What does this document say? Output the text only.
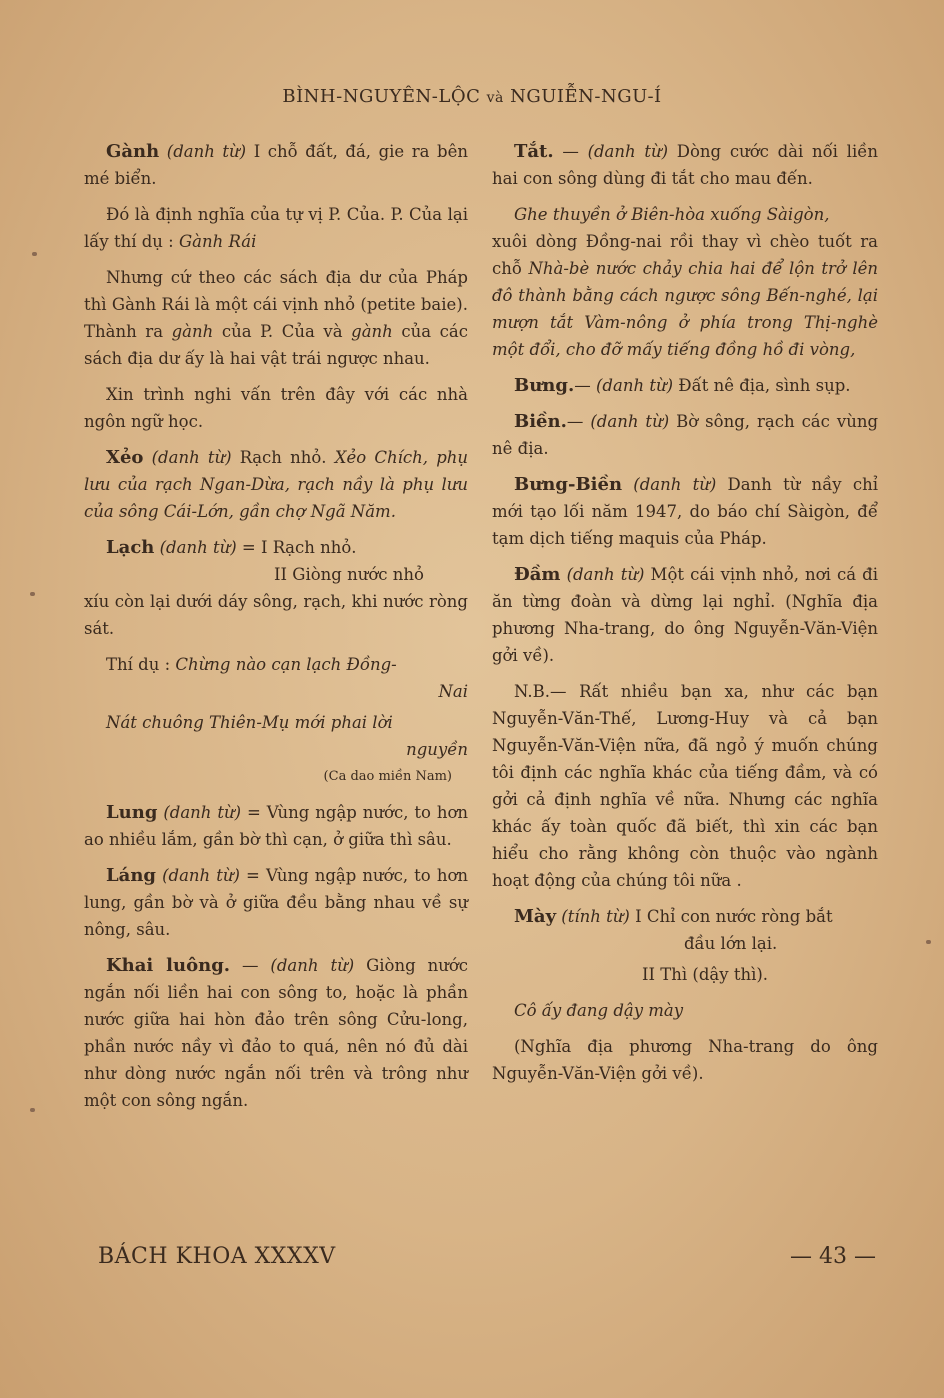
BÌNH-NGUYÊN-LỘC và NGUIỄN-NGU-Í

Gành (danh từ) I chỗ đất, đá, gie ra bên mé biển.

Đó là định nghĩa của tự vị P. Của. P. Của lại lấy thí dụ : Gành Rái

Nhưng cứ theo các sách địa dư của Pháp thì Gành Rái là một cái vịnh nhỏ (petite baie). Thành ra gành của P. Của và gành của các sách địa dư ấy là hai vật trái ngược nhau.

Xin trình nghi vấn trên đây với các nhà ngôn ngữ học.

Xẻo (danh từ) Rạch nhỏ. Xẻo Chích, phụ lưu của rạch Ngan-Dừa, rạch nầy là phụ lưu của sông Cái-Lớn, gần chợ Ngã Năm.

Lạch (danh từ) = I Rạch nhỏ.

II Giòng nước nhỏ

xíu còn lại dưới dáy sông, rạch, khi nước ròng sát.

Thí dụ : Chừng nào cạn lạch Đồng-

Nai

Nát chuông Thiên-Mụ mới phai lời

nguyền

(Ca dao miền Nam)

Lung (danh từ) = Vùng ngập nước, to hơn ao nhiều lắm, gần bờ thì cạn, ở giữa thì sâu.

Láng (danh từ) = Vùng ngập nước, to hơn lung, gần bờ và ở giữa đều bằng nhau về sự nông, sâu.

Khai luông. — (danh từ) Giòng nước ngắn nối liền hai con sông to, hoặc là phần nước giữa hai hòn đảo trên sông Cửu-long, phần nước nầy vì đảo to quá, nên nó đủ dài như dòng nước ngắn nối trên và trông như một con sông ngắn.

Tắt. — (danh từ) Dòng cước dài nối liền hai con sông dùng đi tắt cho mau đến.

Ghe thuyền ở Biên-hòa xuống Sàigòn,

xuôi dòng Đồng-nai rồi thay vì chèo tuốt ra chỗ Nhà-bè nước chảy chia hai để lộn trở lên đô thành bằng cách ngược sông Bến-nghé, lại mượn tắt Vàm-nông ở phía trong Thị-nghè một đổi, cho đỡ mấy tiếng đồng hồ đi vòng,

Bưng.— (danh từ) Đất nê địa, sình sụp.

Biền.— (danh từ) Bờ sông, rạch các vùng nê địa.

Bưng-Biền (danh từ) Danh từ nầy chỉ mới tạo lối năm 1947, do báo chí Sàigòn, để tạm dịch tiếng maquis của Pháp.

Đầm (danh từ) Một cái vịnh nhỏ, nơi cá đi ăn từng đoàn và dừng lại nghỉ. (Nghĩa địa phương Nha-trang, do ông Nguyễn-Văn-Viện gởi về).

N.B.— Rất nhiều bạn xa, như các bạn Nguyễn-Văn-Thế, Lương-Huy và cả bạn Nguyễn-Văn-Viện nữa, đã ngỏ ý muốn chúng tôi định các nghĩa khác của tiếng đầm, và có gởi cả định nghĩa về nữa. Nhưng các nghĩa khác ấy toàn quốc đã biết, thì xin các bạn hiểu cho rằng không còn thuộc vào ngành hoạt động của chúng tôi nữa .

Mày (tính từ) I Chỉ con nước ròng bắt

đầu lớn lại.

II Thì (dậy thì).

Cô ấy đang dậy mày

(Nghĩa địa phương Nha-trang do ông Nguyễn-Văn-Viện gởi về).

BÁCH KHOA XXXXV	— 43 —
